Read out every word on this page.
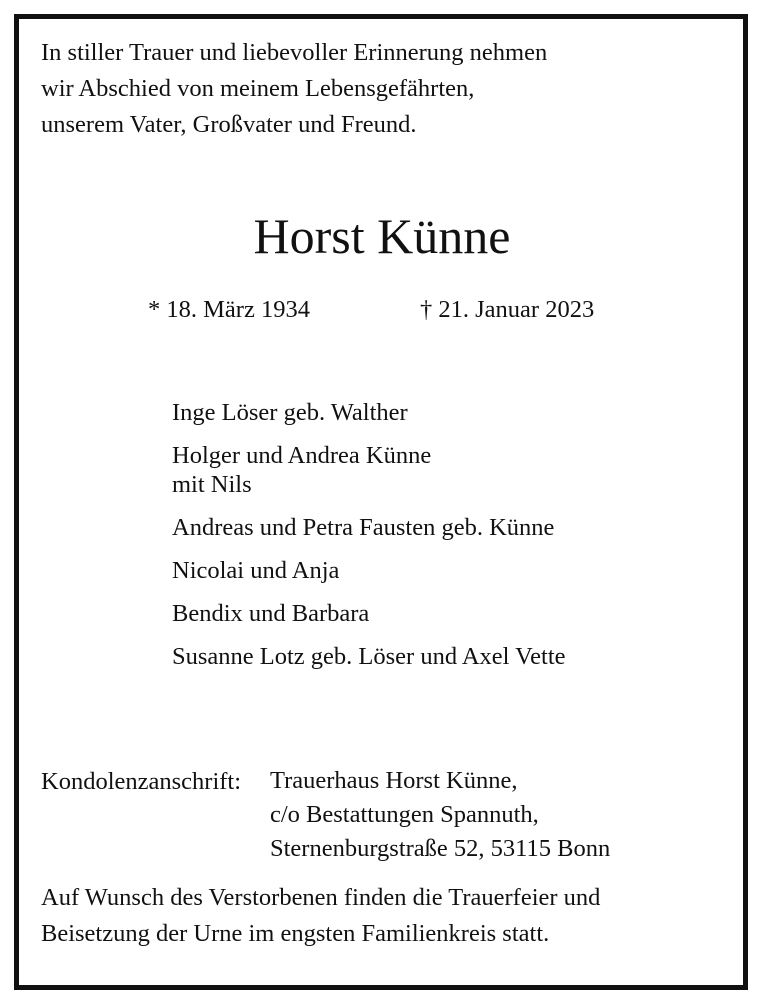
In stiller Trauer und liebevoller Erinnerung nehmen
wir Abschied von meinem Lebensgefährten,
unserem Vater, Großvater und Freund.

Horst Künne

* 18. März 1934	† 21. Januar 2023

Inge Löser geb. Walther
Holger und Andrea Künne
mit Nils
Andreas und Petra Fausten geb. Künne
Nicolai und Anja
Bendix und Barbara
Susanne Lotz geb. Löser und Axel Vette

Kondolenzanschrift: Trauerhaus Horst Künne,
c/o Bestattungen Spannuth,
Sternenburgstraße 52, 53115 Bonn

Auf Wunsch des Verstorbenen finden die Trauerfeier und
Beisetzung der Urne im engsten Familienkreis statt.
